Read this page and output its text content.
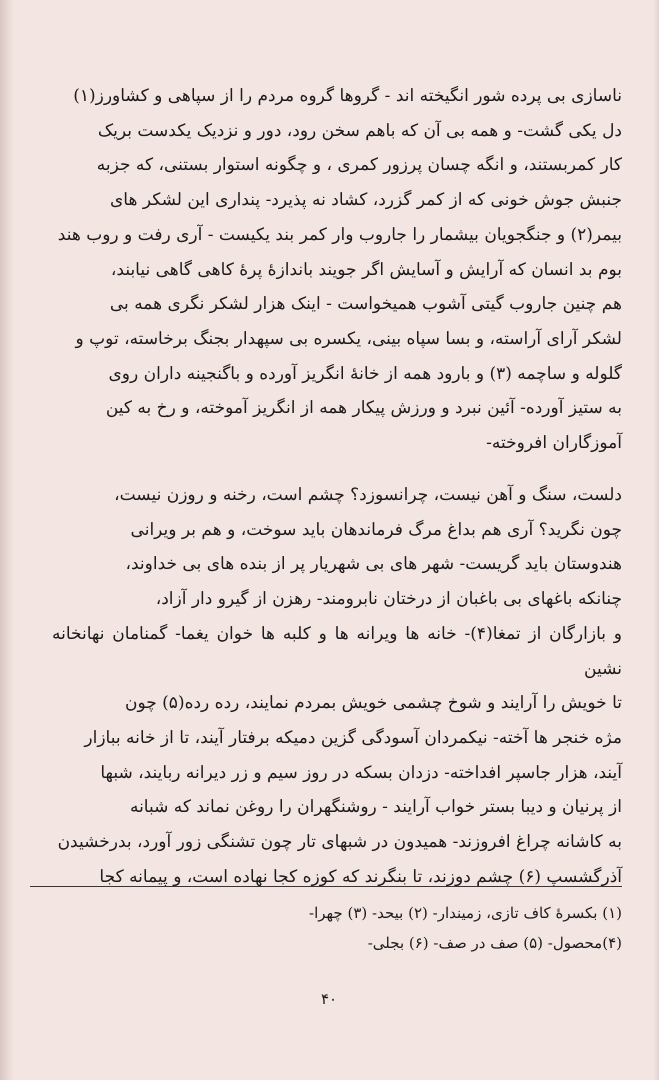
ناسازی بی پرده شور انگیخته اند - گروها گروه مردم را از سپاهی و کشاورز(۱)
دل یکی گشت- و همه بی آن که باهم سخن رود، دور و نزدیک یکدست بریک
کار کمربستند، و انگه چسان پرزور کمری ، و چگونه استوار بستنی، که جزبه
جنبش جوش خونی که از کمر گزرد، کشاد نه پذیرد- پنداری این لشکر های
بیمر(۲) و جنگجویان بیشمار را جاروب وار کمر بند یکیست - آری رفت و روب هند
بوم بد انسان که آرایش و آسایش اگر جویند باندازهٔ پرهٔ کاهی گاهی نیابند،
هم چنین جاروب گیتی آشوب همیخواست - اینک هزار لشکر نگری همه بی
لشکر آرای آراسته، و بسا سپاه بینی، یکسره بی سپهدار بجنگ برخاسته، توپ و
گلوله و ساچمه (۳) و بارود همه از خانهٔ انگریز آورده و باگنجینه داران روی
به ستیز آورده- آئین نبرد و ورزش پیکار همه از انگریز آموخته، و رخ به کین
آموزگاران افروخته-
دلست، سنگ و آهن نیست، چرانسوزد؟ چشم است، رخنه و روزن نیست،
چون نگرید؟ آری هم بداغ مرگ فرماندهان باید سوخت، و هم بر ویرانی
هندوستان باید گریست- شهر های بی شهریار پر از بنده های بی خداوند،
چنانکه باغهای بی باغبان از درختان نابرومند- رهزن از گیرو دار آزاد،
و بازارگان از تمغا(۴)- خانه ها ویرانه ها و کلبه ها خوان یغما- گمنامان نهانخانه نشین
تا خویش را آرایند و شوخ چشمی خویش بمردم نمایند، رده رده(۵) چون
مژه خنجر ها آخته- نیکمردان آسودگی گزین دمیکه برفتار آیند، تا از خانه ببازار
آیند، هزار جاسپر افداخته- دزدان بسکه در روز سیم و زر دیرانه ربایند، شبها
از پرنیان و دیبا بستر خواب آرایند - روشنگهران را روغن نماند که شبانه
به کاشانه چراغ افروزند- همیدون در شبهای تار چون تشنگی زور آورد، بدرخشیدن
آذرگشسپ (۶) چشم دوزند، تا بنگرند که کوزه کجا نهاده است، و پیمانه کجا
(۱) بکسرهٔ کاف تازی، زمیندار- (۲) بیحد- (۳) چهرا-
(۴)محصول- (۵) صف در صف- (۶) بجلی-
۴۰
